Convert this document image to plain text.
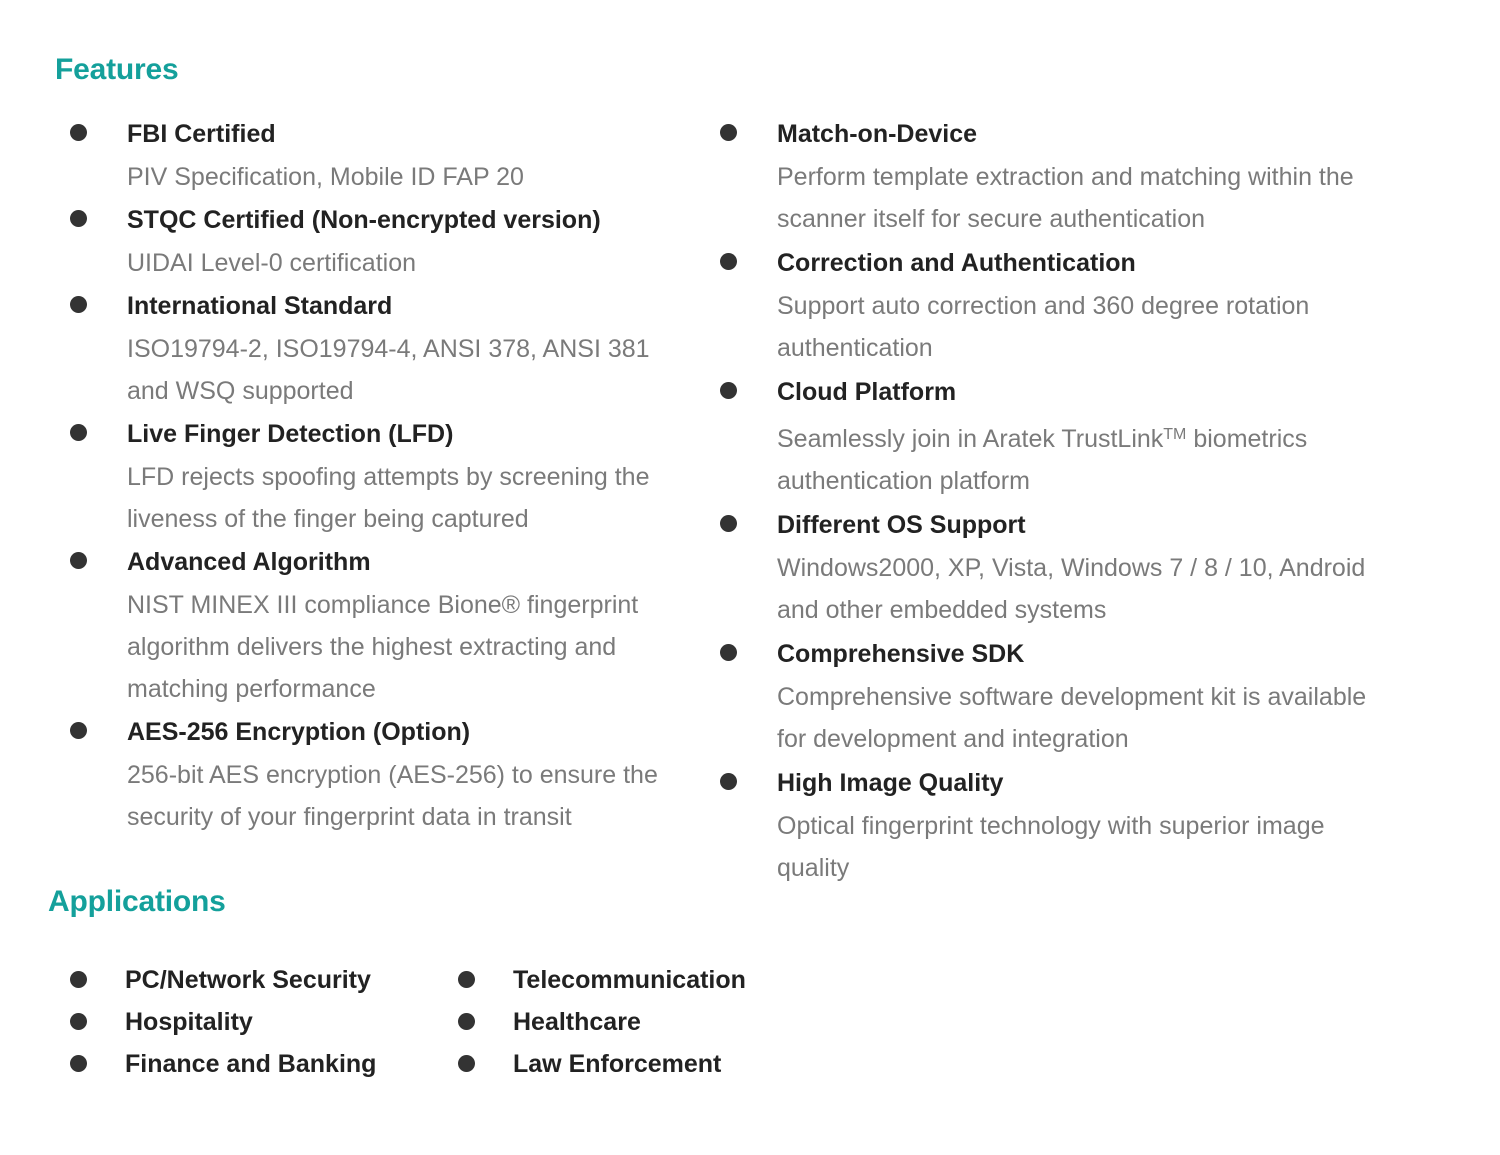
Features
FBI Certified
PIV Specification, Mobile ID FAP 20
STQC Certified (Non-encrypted version)
UIDAI Level-0 certification
International Standard
ISO19794-2, ISO19794-4, ANSI 378, ANSI 381 and WSQ supported
Live Finger Detection (LFD)
LFD rejects spoofing attempts by screening the liveness of the finger being captured
Advanced Algorithm
NIST MINEX III compliance Bione® fingerprint algorithm delivers the highest extracting and matching performance
AES-256 Encryption (Option)
256-bit AES encryption (AES-256) to ensure the security of your fingerprint data in transit
Match-on-Device
Perform template extraction and matching within the scanner itself for secure authentication
Correction and Authentication
Support auto correction and 360 degree rotation authentication
Cloud Platform
Seamlessly join in Aratek TrustLink™ biometrics authentication platform
Different OS Support
Windows2000, XP, Vista, Windows 7 / 8 / 10, Android and other embedded systems
Comprehensive SDK
Comprehensive software development kit is available for development and integration
High Image Quality
Optical fingerprint technology with superior image quality
Applications
PC/Network Security	Telecommunication
Hospitality	Healthcare
Finance and Banking	Law Enforcement
